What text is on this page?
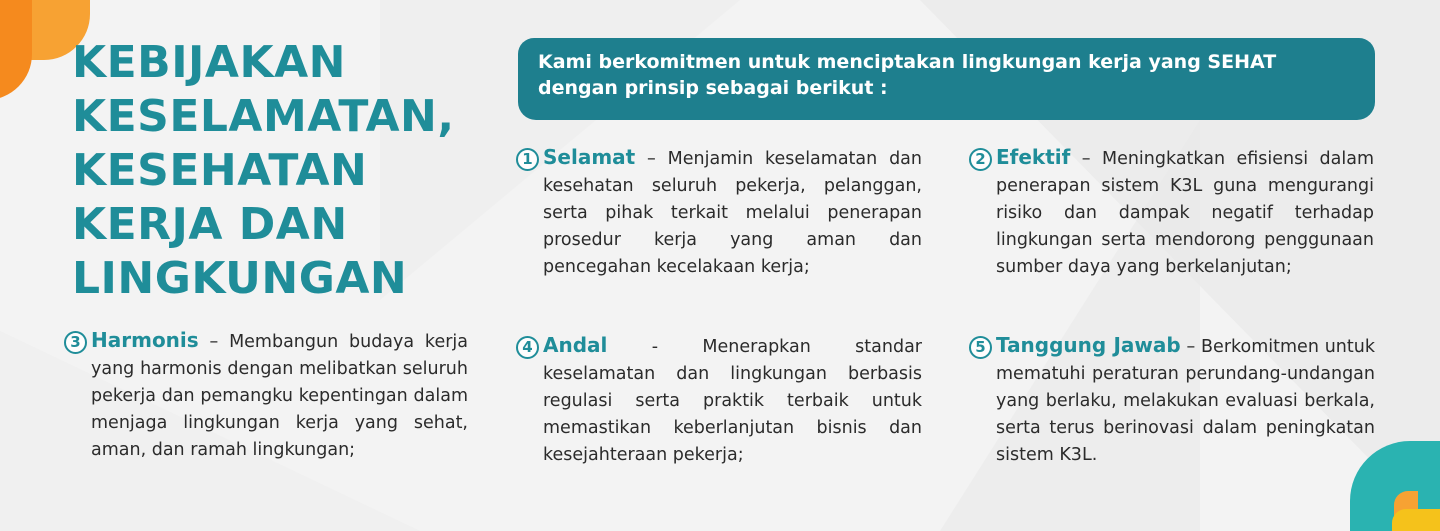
KEBIJAKAN
KESELAMATAN,
KESEHATAN
KERJA DAN
LINGKUNGAN
Kami berkomitmen untuk menciptakan lingkungan kerja yang SEHAT
dengan prinsip sebagai berikut :
1 Selamat – Menjamin keselamatan dan kesehatan seluruh pekerja, pelanggan, serta pihak terkait melalui penerapan prosedur kerja yang aman dan pencegahan kecelakaan kerja;
2 Efektif – Meningkatkan efisiensi dalam penerapan sistem K3L guna mengurangi risiko dan dampak negatif terhadap lingkungan serta mendorong penggunaan sumber daya yang berkelanjutan;
3 Harmonis – Membangun budaya kerja yang harmonis dengan melibatkan seluruh pekerja dan pemangku kepentingan dalam menjaga lingkungan kerja yang sehat, aman, dan ramah lingkungan;
4 Andal - Menerapkan standar keselamatan dan lingkungan berbasis regulasi serta praktik terbaik untuk memastikan keberlanjutan bisnis dan kesejahteraan pekerja;
5 Tanggung Jawab – Berkomitmen untuk mematuhi peraturan perundang-undangan yang berlaku, melakukan evaluasi berkala, serta terus berinovasi dalam peningkatan sistem K3L.
